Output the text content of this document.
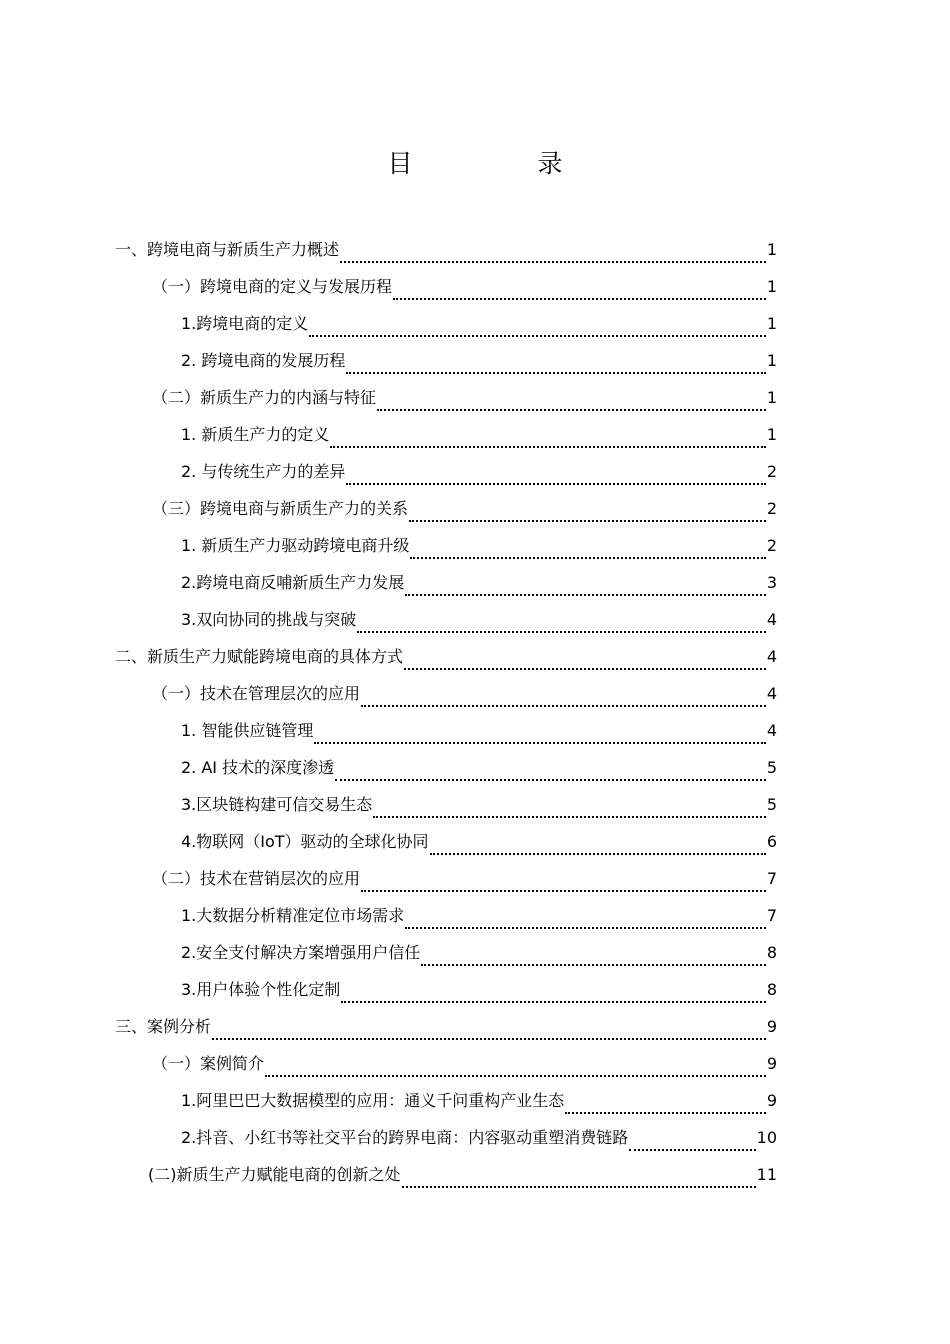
目　录
一、跨境电商与新质生产力概述	1
（一）跨境电商的定义与发展历程	1
1.跨境电商的定义	1
2. 跨境电商的发展历程	1
（二）新质生产力的内涵与特征	1
1. 新质生产力的定义	1
2. 与传统生产力的差异	2
（三）跨境电商与新质生产力的关系	2
1. 新质生产力驱动跨境电商升级	2
2.跨境电商反哺新质生产力发展	3
3.双向协同的挑战与突破	4
二、新质生产力赋能跨境电商的具体方式	4
（一）技术在管理层次的应用	4
1. 智能供应链管理	4
2. AI 技术的深度渗透	5
3.区块链构建可信交易生态	5
4.物联网（IoT）驱动的全球化协同	6
（二）技术在营销层次的应用	7
1.大数据分析精准定位市场需求	7
2.安全支付解决方案增强用户信任	8
3.用户体验个性化定制	8
三、案例分析	9
（一）案例简介	9
1.阿里巴巴大数据模型的应用：通义千问重构产业生态	9
2.抖音、小红书等社交平台的跨界电商：内容驱动重塑消费链路	10
(二)新质生产力赋能电商的创新之处	11
